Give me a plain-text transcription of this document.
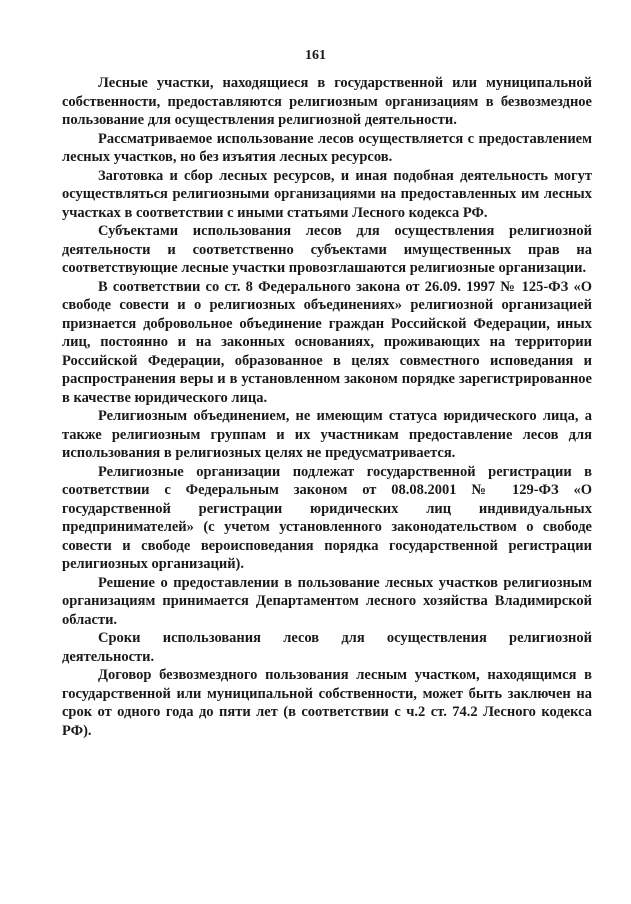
161

Лесные участки, находящиеся в государственной или муниципальной собственности, предоставляются религиозным организациям в безвозмездное пользование для осуществления религиозной деятельности.

Рассматриваемое использование лесов осуществляется с предоставлением лесных участков, но без изъятия лесных ресурсов.

Заготовка и сбор лесных ресурсов, и иная подобная деятельность могут осуществляться религиозными организациями на предоставленных им лесных участках в соответствии с иными статьями Лесного кодекса РФ.

Субъектами использования лесов для осуществления религиозной деятельности и соответственно субъектами имущественных прав на соответствующие лесные участки провозглашаются религиозные организации.

В соответствии со ст. 8 Федерального закона от 26.09. 1997 № 125-ФЗ «О свободе совести и о религиозных объединениях» религиозной организацией признается добровольное объединение граждан Российской Федерации, иных лиц, постоянно и на законных основаниях, проживающих на территории Российской Федерации, образованное в целях совместного исповедания и распространения веры и в установленном законом порядке зарегистрированное в качестве юридического лица.

Религиозным объединением, не имеющим статуса юридического лица, а также религиозным группам и их участникам предоставление лесов для использования в религиозных целях не предусматривается.

Религиозные организации подлежат государственной регистрации в соответствии с Федеральным законом от 08.08.2001 № 129-ФЗ «О государственной регистрации юридических лиц индивидуальных предпринимателей» (с учетом установленного законодательством о свободе совести и свободе вероисповедания порядка государственной регистрации религиозных организаций).

Решение о предоставлении в пользование лесных участков религиозным организациям принимается Департаментом лесного хозяйства Владимирской области.

Сроки использования лесов для осуществления религиозной деятельности.

Договор безвозмездного пользования лесным участком, находящимся в государственной или муниципальной собственности, может быть заключен на срок от одного года до пяти лет (в соответствии с ч.2 ст. 74.2 Лесного кодекса РФ).
